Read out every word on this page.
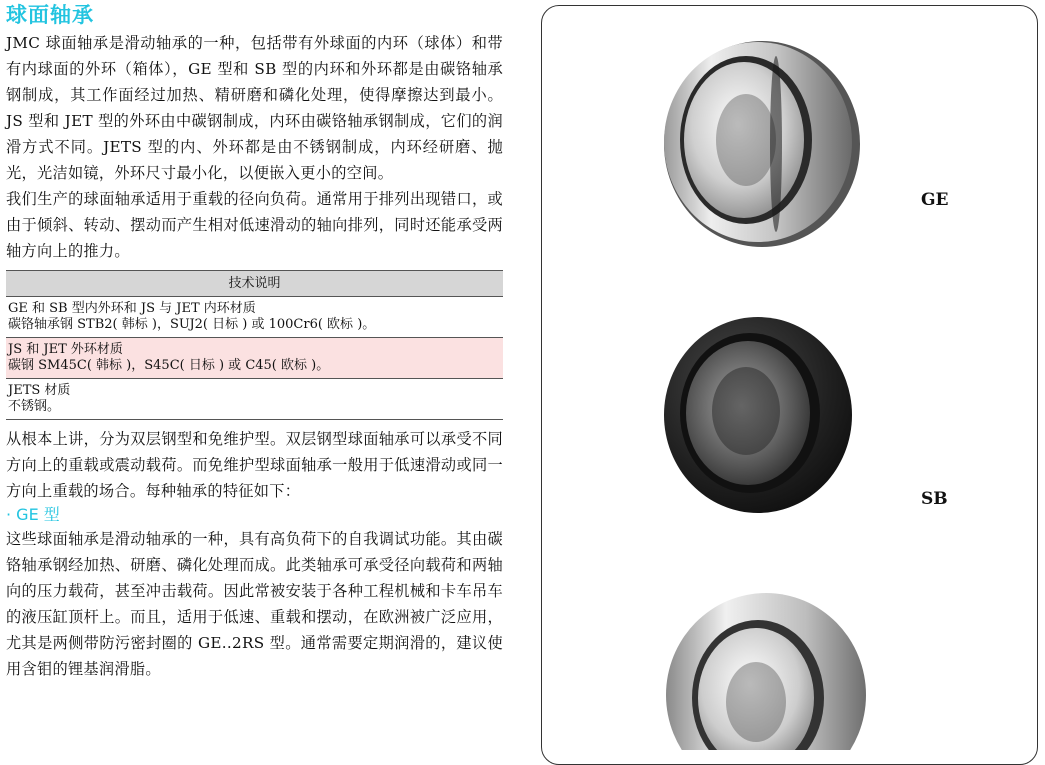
球面轴承

JMC 球面轴承是滑动轴承的一种，包括带有外球面的内环（球体）和带有内球面的外环（箱体），GE 型和 SB 型的内环和外环都是由碳铬轴承钢制成，其工作面经过加热、精研磨和磷化处理，使得摩擦达到最小。JS 型和 JET 型的外环由中碳钢制成，内环由碳铬轴承钢制成，它们的润滑方式不同。JETS 型的内、外环都是由不锈钢制成，内环经研磨、抛光，光洁如镜，外环尺寸最小化，以便嵌入更小的空间。

我们生产的球面轴承适用于重载的径向负荷。通常用于排列出现错口，或由于倾斜、转动、摆动而产生相对低速滑动的轴向排列，同时还能承受两轴方向上的推力。

技术说明
GE 和 SB 型内外环和 JS 与 JET 内环材质
碳铬轴承钢 STB2( 韩标 )，SUJ2( 日标 ) 或 100Cr6( 欧标 )。
JS 和 JET 外环材质
碳钢 SM45C( 韩标 )，S45C( 日标 ) 或 C45( 欧标 )。
JETS 材质
不锈钢。

从根本上讲，分为双层钢型和免维护型。双层钢型球面轴承可以承受不同方向上的重载或震动载荷。而免维护型球面轴承一般用于低速滑动或同一方向上重载的场合。每种轴承的特征如下：

· GE 型

这些球面轴承是滑动轴承的一种，具有高负荷下的自我调试功能。其由碳铬轴承钢经加热、研磨、磷化处理而成。此类轴承可承受径向载荷和两轴向的压力载荷，甚至冲击载荷。因此常被安装于各种工程机械和卡车吊车的液压缸顶杆上。而且，适用于低速、重载和摆动，在欧洲被广泛应用，尤其是两侧带防污密封圈的 GE..2RS 型。通常需要定期润滑的，建议使用含钼的锂基润滑脂。

GE
SB
